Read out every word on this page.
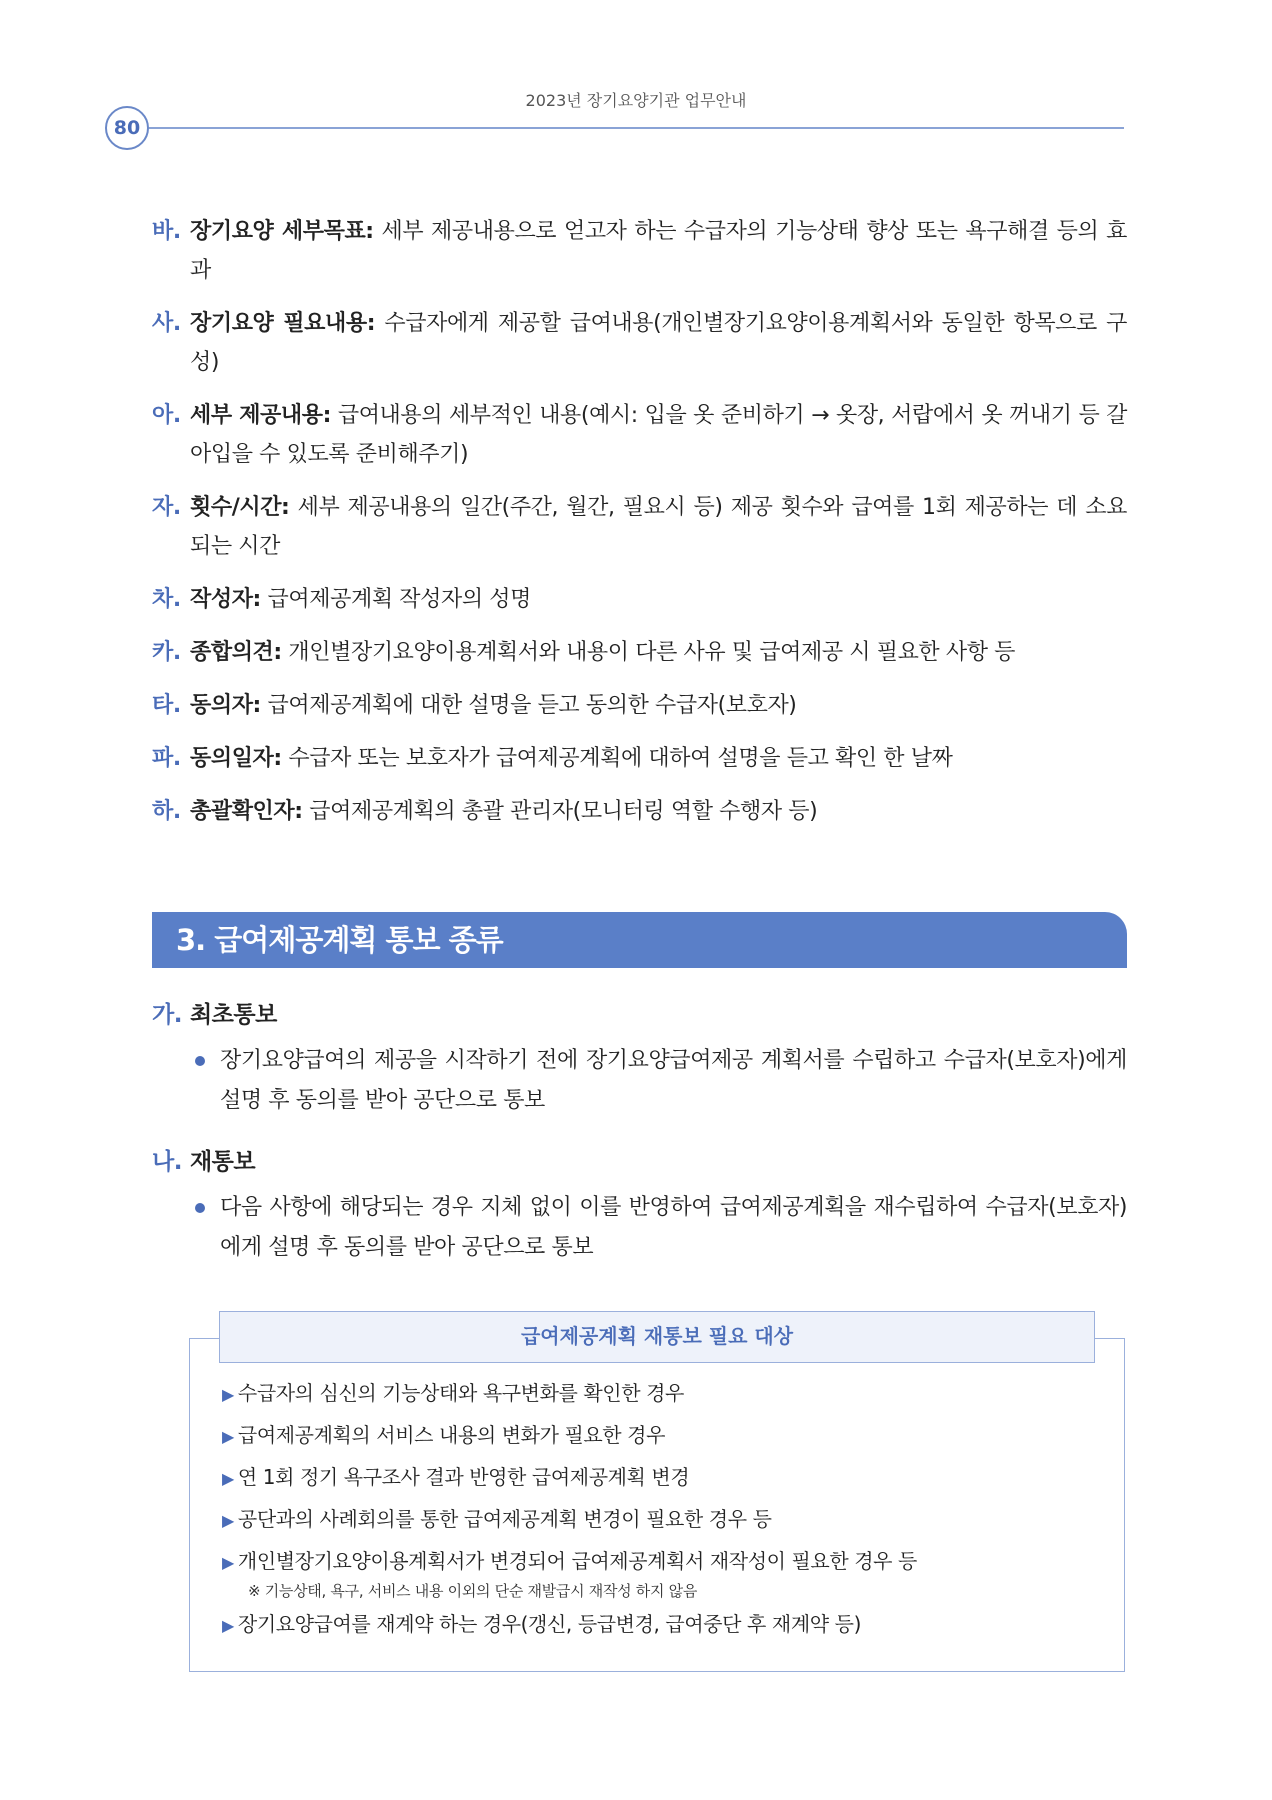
2023년 장기요양기관 업무안내
80
바. 장기요양 세부목표: 세부 제공내용으로 얻고자 하는 수급자의 기능상태 향상 또는 욕구해결 등의 효과
사. 장기요양 필요내용: 수급자에게 제공할 급여내용(개인별장기요양이용계획서와 동일한 항목으로 구성)
아. 세부 제공내용: 급여내용의 세부적인 내용(예시: 입을 옷 준비하기 → 옷장, 서랍에서 옷 꺼내기 등 갈아입을 수 있도록 준비해주기)
자. 횟수/시간: 세부 제공내용의 일간(주간, 월간, 필요시 등) 제공 횟수와 급여를 1회 제공하는 데 소요되는 시간
차. 작성자: 급여제공계획 작성자의 성명
카. 종합의견: 개인별장기요양이용계획서와 내용이 다른 사유 및 급여제공 시 필요한 사항 등
타. 동의자: 급여제공계획에 대한 설명을 듣고 동의한 수급자(보호자)
파. 동의일자: 수급자 또는 보호자가 급여제공계획에 대하여 설명을 듣고 확인 한 날짜
하. 총괄확인자: 급여제공계획의 총괄 관리자(모니터링 역할 수행자 등)
3. 급여제공계획 통보 종류
가. 최초통보
장기요양급여의 제공을 시작하기 전에 장기요양급여제공 계획서를 수립하고 수급자(보호자)에게 설명 후 동의를 받아 공단으로 통보
나. 재통보
다음 사항에 해당되는 경우 지체 없이 이를 반영하여 급여제공계획을 재수립하여 수급자(보호자)에게 설명 후 동의를 받아 공단으로 통보
급여제공계획 재통보 필요 대상
▶ 수급자의 심신의 기능상태와 욕구변화를 확인한 경우
▶ 급여제공계획의 서비스 내용의 변화가 필요한 경우
▶ 연 1회 정기 욕구조사 결과 반영한 급여제공계획 변경
▶ 공단과의 사례회의를 통한 급여제공계획 변경이 필요한 경우 등
▶ 개인별장기요양이용계획서가 변경되어 급여제공계획서 재작성이 필요한 경우 등
※ 기능상태, 욕구, 서비스 내용 이외의 단순 재발급시 재작성 하지 않음
▶ 장기요양급여를 재계약 하는 경우(갱신, 등급변경, 급여중단 후 재계약 등)
